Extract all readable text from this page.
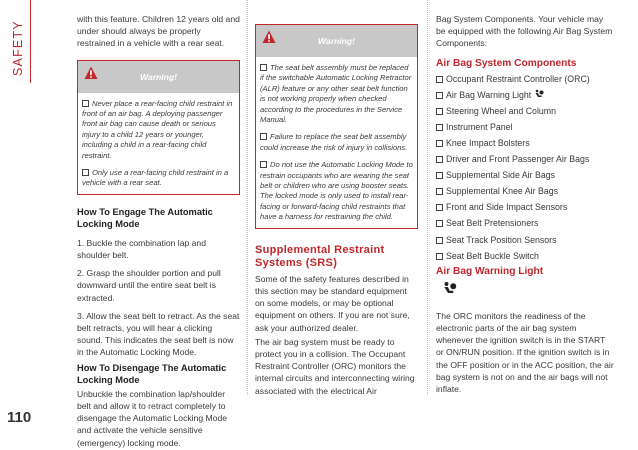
SAFETY
110

with this feature. Children 12 years old and under should always be properly restrained in a vehicle with a rear seat.

Warning!

Never place a rear-facing child restraint in front of an air bag. A deploying passenger front air bag can cause death or serious injury to a child 12 years or younger, including a child in a rear-facing child restraint.

Only use a rear-facing child restraint in a vehicle with a rear seat.

How To Engage The Automatic Locking Mode

1. Buckle the combination lap and shoulder belt.

2. Grasp the shoulder portion and pull downward until the entire seat belt is extracted.

3. Allow the seat belt to retract. As the seat belt retracts, you will hear a clicking sound. This indicates the seat belt is now in the Automatic Locking Mode.

How To Disengage The Automatic Locking Mode

Unbuckle the combination lap/shoulder belt and allow it to retract completely to disengage the Automatic Locking Mode and activate the vehicle sensitive (emergency) locking mode.

Warning!

The seat belt assembly must be replaced if the switchable Automatic Locking Retractor (ALR) feature or any other seat belt function is not working properly when checked according to the procedures in the Service Manual.

Failure to replace the seat belt assembly could increase the risk of injury in collisions.

Do not use the Automatic Locking Mode to restrain occupants who are wearing the seat belt or children who are using booster seats. The locked mode is only used to install rear-facing or forward-facing child restraints that have a harness for restraining the child.

Supplemental Restraint Systems (SRS)

Some of the safety features described in this section may be standard equipment on some models, or may be optional equipment on others. If you are not sure, ask your authorized dealer.

The air bag system must be ready to protect you in a collision. The Occupant Restraint Controller (ORC) monitors the internal circuits and interconnecting wiring associated with the electrical Air

Bag System Components. Your vehicle may be equipped with the following Air Bag System Components:

Air Bag System Components
Occupant Restraint Controller (ORC)
Air Bag Warning Light
Steering Wheel and Column
Instrument Panel
Knee Impact Bolsters
Driver and Front Passenger Air Bags
Supplemental Side Air Bags
Supplemental Knee Air Bags
Front and Side Impact Sensors
Seat Belt Pretensioners
Seat Track Position Sensors
Seat Belt Buckle Switch
Air Bag Warning Light

The ORC monitors the readiness of the electronic parts of the air bag system whenever the ignition switch is in the START or ON/RUN position. If the ignition switch is in the OFF position or in the ACC position, the air bag system is not on and the air bags will not inflate.
